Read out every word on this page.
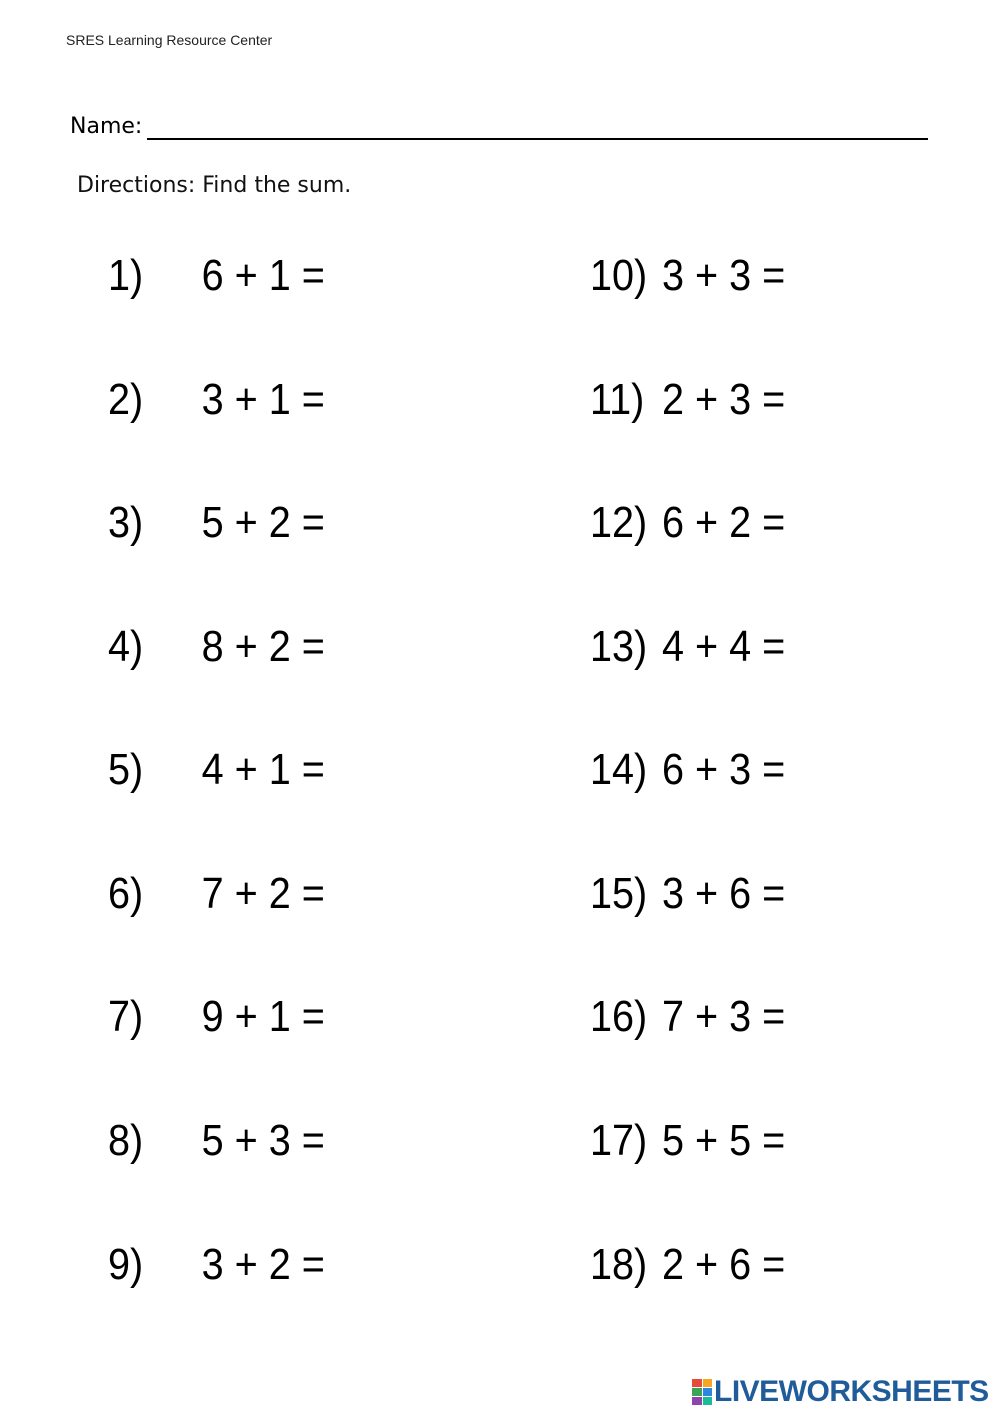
SRES Learning Resource Center
Name:
Directions: Find the sum.
1)	6 + 1 =
2)	3 + 1 =
3)	5 + 2 =
4)	8 + 2 =
5)	4 + 1 =
6)	7 + 2 =
7)	9 + 1 =
8)	5 + 3 =
9)	3 + 2 =
10) 3 + 3 =
11) 2 + 3 =
12) 6 + 2 =
13) 4 + 4 =
14) 6 + 3 =
15) 3 + 6 =
16) 7 + 3 =
17) 5 + 5 =
18) 2 + 6 =
LIVEWORKSHEETS
